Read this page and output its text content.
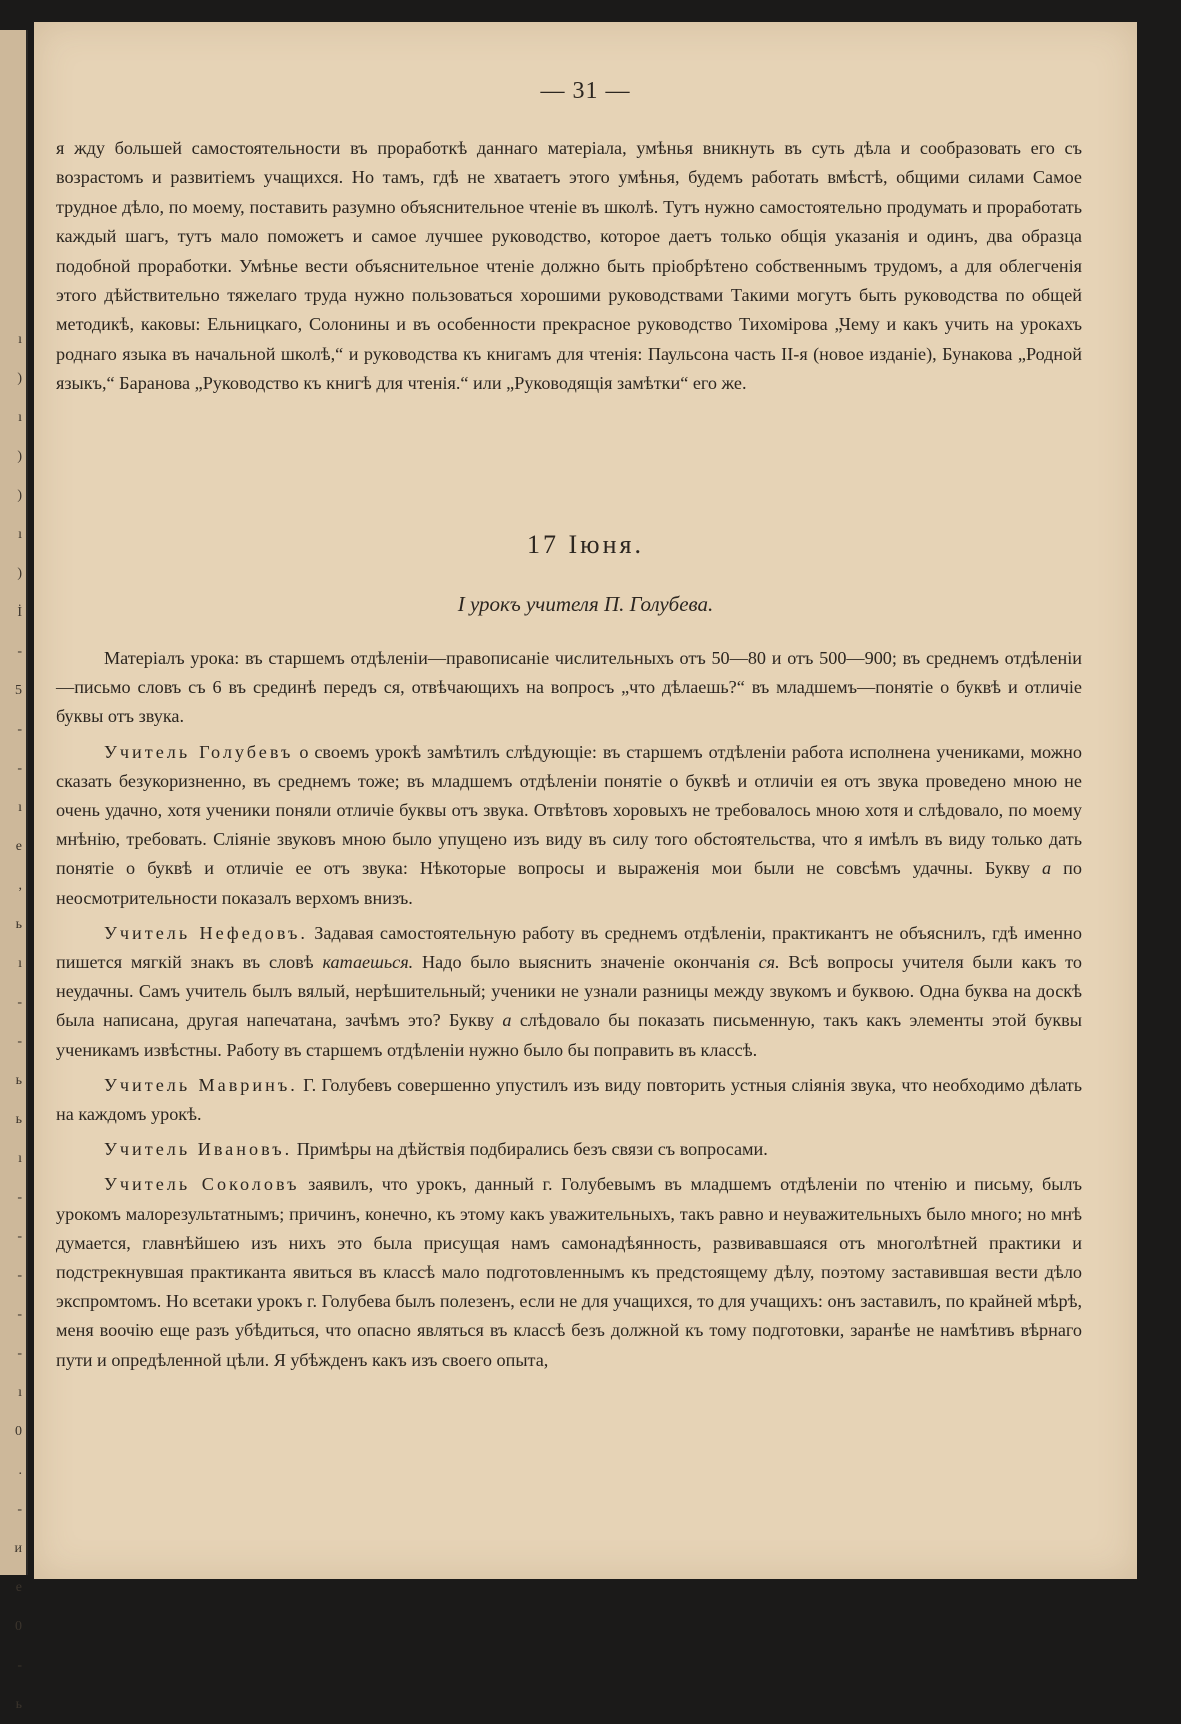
ı
)
ı
)
)
ı
)
İ
-
5
-
-
ı
e
,
ь
ı
-
-
ь
ь
ı
-
-
-
-
-
ı
0
.
-
и
e
0
-
ь
— 31 —
я жду большей самостоятельности въ проработкѣ даннаго матеріала, умѣнья вникнуть въ суть дѣла и сообразовать его съ возрастомъ и развитіемъ учащихся. Но тамъ, гдѣ не хватаетъ этого умѣнья, будемъ работать вмѣстѣ, общими силами Самое трудное дѣло, по моему, поставить разумно объяснительное чтеніе въ школѣ. Тутъ нужно самостоятельно продумать и проработать каждый шагъ, тутъ мало поможетъ и самое лучшее руководство, которое даетъ только общія указанія и одинъ, два образца подобной проработки. Умѣнье вести объяснительное чтеніе должно быть пріобрѣтено собственнымъ трудомъ, а для облегченія этого дѣйствительно тяжелаго труда нужно пользоваться хорошими руководствами Такими могутъ быть руководства по общей методикѣ, каковы: Ельницкаго, Солонины и въ особенности прекрасное руководство Тихомірова „Чему и какъ учить на урокахъ роднаго языка въ начальной школѣ,“ и руководства къ книгамъ для чтенія: Паульсона часть II-я (новое изданіе), Бунакова „Родной языкъ,“ Баранова „Руководство къ книгѣ для чтенія.“ или „Руководящія замѣтки“ его же.
17 Іюня.
I урокъ учителя П. Голубева.

Матеріалъ урока: въ старшемъ отдѣленіи—правописаніе числительныхъ отъ 50—80 и отъ 500—900; въ среднемъ отдѣленіи—письмо словъ съ 6 въ срединѣ передъ ся, отвѣчающихъ на вопросъ „что дѣлаешь?“ въ младшемъ—понятіе о буквѣ и отличіе буквы отъ звука.

Учитель Голубевъ о своемъ урокѣ замѣтилъ слѣдующіе: въ старшемъ отдѣленіи работа исполнена учениками, можно сказать безукоризненно, въ среднемъ тоже; въ младшемъ отдѣленіи понятіе о буквѣ и отличіи ея отъ звука проведено мною не очень удачно, хотя ученики поняли отличіе буквы отъ звука. Отвѣтовъ хоровыхъ не требовалось мною хотя и слѣдовало, по моему мнѣнію, требовать. Сліяніе звуковъ мною было упущено изъ виду въ силу того обстоятельства, что я имѣлъ въ виду только дать понятіе о буквѣ и отличіе ее отъ звука: Нѣкоторые вопросы и выраженія мои были не совсѣмъ удачны. Букву a по неосмотрительности показалъ верхомъ внизъ.

Учитель Нефедовъ. Задавая самостоятельную работу въ среднемъ отдѣленіи, практикантъ не объяснилъ, гдѣ именно пишется мягкій знакъ въ словѣ катаешься. Надо было выяснить значеніе окончанія ся. Всѣ вопросы учителя были какъ то неудачны. Самъ учитель былъ вялый, нерѣшительный; ученики не узнали разницы между звукомъ и буквою. Одна буква на доскѣ была написана, другая напечатана, зачѣмъ это? Букву a слѣдовало бы показать письменную, такъ какъ элементы этой буквы ученикамъ извѣстны. Работу въ старшемъ отдѣленіи нужно было бы поправить въ классѣ.

Учитель Мавринъ. Г. Голубевъ совершенно упустилъ изъ виду повторить устныя сліянія звука, что необходимо дѣлать на каждомъ урокѣ.

Учитель Ивановъ. Примѣры на дѣйствія подбирались безъ связи съ вопросами.

Учитель Соколовъ заявилъ, что урокъ, данный г. Голубевымъ въ младшемъ отдѣленіи по чтенію и письму, былъ урокомъ малорезультатнымъ; причинъ, конечно, къ этому какъ уважительныхъ, такъ равно и неуважительныхъ было много; но мнѣ думается, главнѣйшею изъ нихъ это была присущая намъ самонадѣянность, развивавшаяся отъ многолѣтней практики и подстрекнувшая практиканта явиться въ классѣ мало подготовленнымъ къ предстоящему дѣлу, поэтому заставившая вести дѣло экспромтомъ. Но всетаки урокъ г. Голубева былъ полезенъ, если не для учащихся, то для учащихъ: онъ заставилъ, по крайней мѣрѣ, меня воочію еще разъ убѣдиться, что опасно являться въ классѣ безъ должной къ тому подготовки, заранѣе не намѣтивъ вѣрнаго пути и опредѣленной цѣли. Я убѣжденъ какъ изъ своего опыта,
